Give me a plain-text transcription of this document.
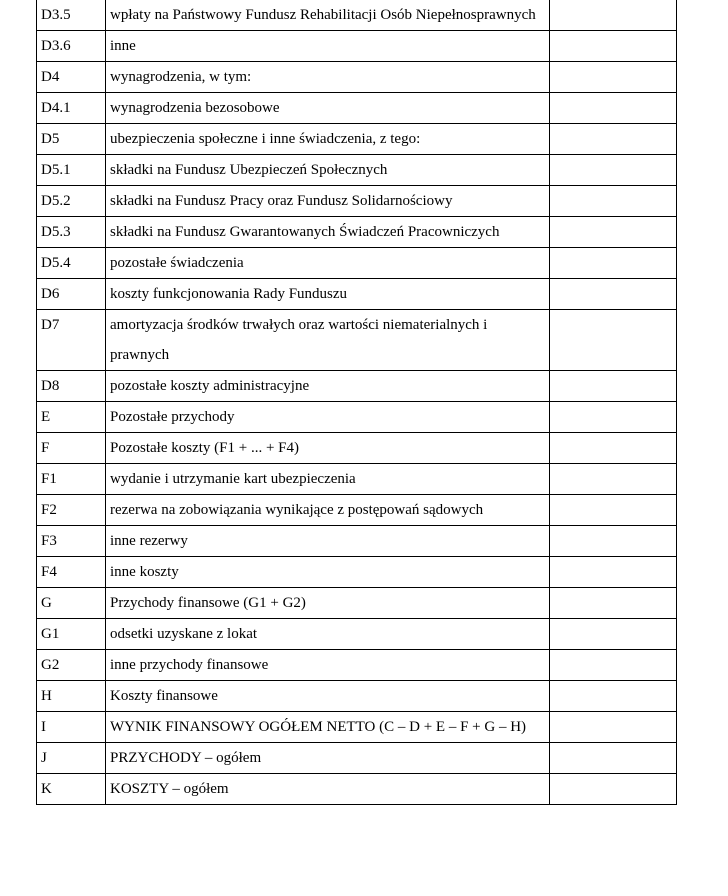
D3.5	wpłaty na Państwowy Fundusz Rehabilitacji Osób Niepełnosprawnych	
D3.6	inne	
D4	wynagrodzenia, w tym:	
D4.1	wynagrodzenia bezosobowe	
D5	ubezpieczenia społeczne i inne świadczenia, z tego:	
D5.1	składki na Fundusz Ubezpieczeń Społecznych	
D5.2	składki na Fundusz Pracy oraz Fundusz Solidarnościowy	
D5.3	składki na Fundusz Gwarantowanych Świadczeń Pracowniczych	
D5.4	pozostałe świadczenia	
D6	koszty funkcjonowania Rady Funduszu	
D7	amortyzacja środków trwałych oraz wartości niematerialnych i prawnych	
D8	pozostałe koszty administracyjne	
E	Pozostałe przychody	
F	Pozostałe koszty (F1 + ... + F4)	
F1	wydanie i utrzymanie kart ubezpieczenia	
F2	rezerwa na zobowiązania wynikające z postępowań sądowych	
F3	inne rezerwy	
F4	inne koszty	
G	Przychody finansowe (G1 + G2)	
G1	odsetki uzyskane z lokat	
G2	inne przychody finansowe	
H	Koszty finansowe	
I	WYNIK FINANSOWY OGÓŁEM NETTO (C – D + E – F + G – H)	
J	PRZYCHODY – ogółem	
K	KOSZTY – ogółem	
